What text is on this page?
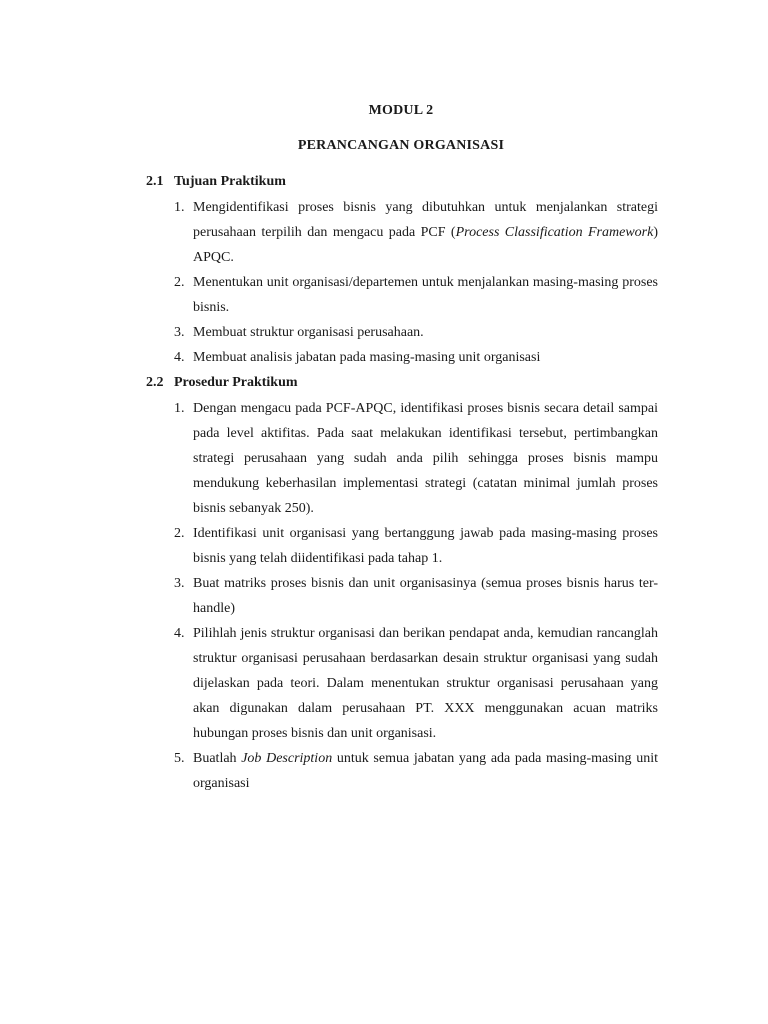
MODUL 2
PERANCANGAN ORGANISASI
2.1 Tujuan Praktikum
1. Mengidentifikasi proses bisnis yang dibutuhkan untuk menjalankan strategi perusahaan terpilih dan mengacu pada PCF (Process Classification Framework) APQC.
2. Menentukan unit organisasi/departemen untuk menjalankan masing-masing proses bisnis.
3. Membuat struktur organisasi perusahaan.
4. Membuat analisis jabatan pada masing-masing unit organisasi
2.2 Prosedur Praktikum
1. Dengan mengacu pada PCF-APQC, identifikasi proses bisnis secara detail sampai pada level aktifitas. Pada saat melakukan identifikasi tersebut, pertimbangkan strategi perusahaan yang sudah anda pilih sehingga proses bisnis mampu mendukung keberhasilan implementasi strategi (catatan minimal jumlah proses bisnis sebanyak 250).
2. Identifikasi unit organisasi yang bertanggung jawab pada masing-masing proses bisnis yang telah diidentifikasi pada tahap 1.
3. Buat matriks proses bisnis dan unit organisasinya (semua proses bisnis harus ter-handle)
4. Pilihlah jenis struktur organisasi dan berikan pendapat anda, kemudian rancanglah struktur organisasi perusahaan berdasarkan desain struktur organisasi yang sudah dijelaskan pada teori. Dalam menentukan struktur organisasi perusahaan yang akan digunakan dalam perusahaan PT. XXX menggunakan acuan matriks hubungan proses bisnis dan unit organisasi.
5. Buatlah Job Description untuk semua jabatan yang ada pada masing-masing unit organisasi
